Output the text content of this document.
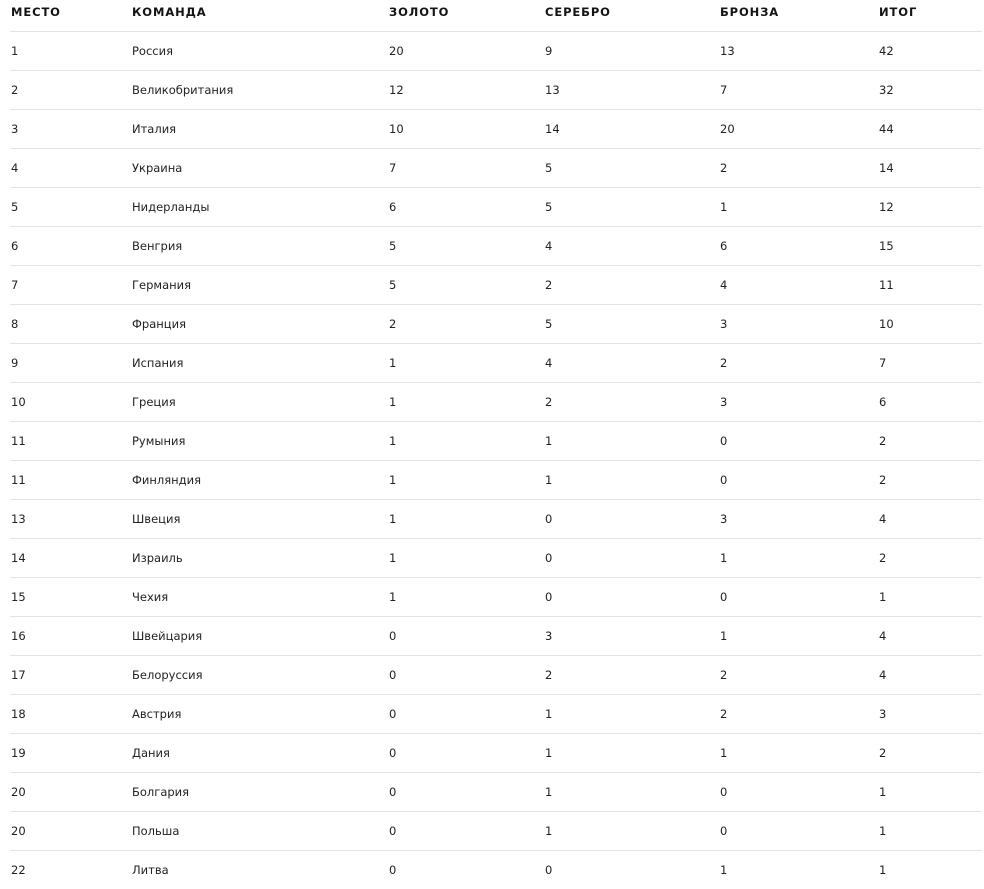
МЕСТО	КОМАНДА	ЗОЛОТО	СЕРЕБРО	БРОНЗА	ИТОГ
1	Россия	20	9	13	42
2	Великобритания	12	13	7	32
3	Италия	10	14	20	44
4	Украина	7	5	2	14
5	Нидерланды	6	5	1	12
6	Венгрия	5	4	6	15
7	Германия	5	2	4	11
8	Франция	2	5	3	10
9	Испания	1	4	2	7
10	Греция	1	2	3	6
11	Румыния	1	1	0	2
11	Финляндия	1	1	0	2
13	Швеция	1	0	3	4
14	Израиль	1	0	1	2
15	Чехия	1	0	0	1
16	Швейцария	0	3	1	4
17	Белоруссия	0	2	2	4
18	Австрия	0	1	2	3
19	Дания	0	1	1	2
20	Болгария	0	1	0	1
20	Польша	0	1	0	1
22	Литва	0	0	1	1
